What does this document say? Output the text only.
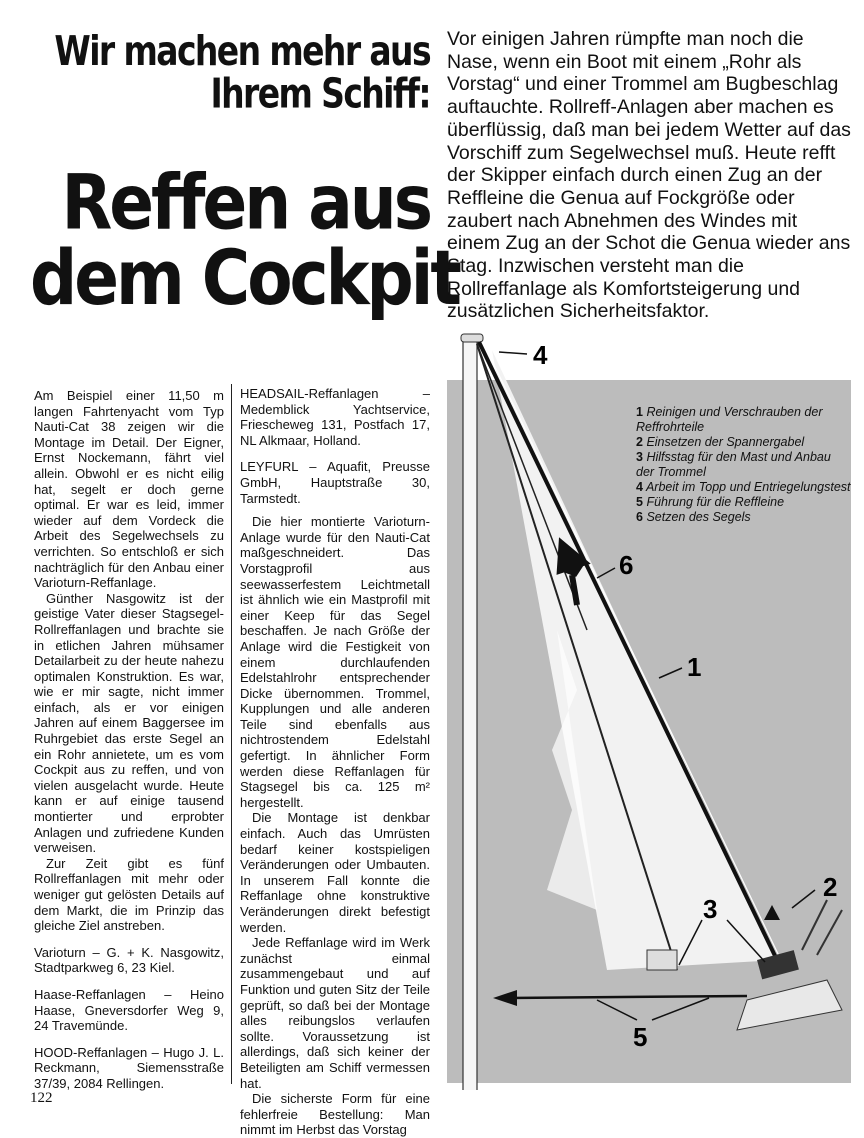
Wir machen mehr aus
Ihrem Schiff:
Reffen aus
dem Cockpit
Vor einigen Jahren rümpfte man noch die Nase, wenn ein Boot mit einem „Rohr als Vorstag“ und einer Trommel am Bugbeschlag auftauchte. Rollreff-Anlagen aber machen es überflüssig, daß man bei jedem Wetter auf das Vorschiff zum Segelwechsel muß. Heute refft der Skipper einfach durch einen Zug an der Reffleine die Genua auf Fockgröße oder zaubert nach Abnehmen des Windes mit einem Zug an der Schot die Genua wieder ans Stag. Inzwischen versteht man die Rollreffanlage als Komfortsteigerung und zusätzlichen Sicherheitsfaktor.

Am Beispiel einer 11,50 m langen Fahrtenyacht vom Typ Nauti-Cat 38 zeigen wir die Montage im Detail. Der Eigner, Ernst Nockemann, fährt viel allein. Obwohl er es nicht eilig hat, segelt er doch gerne optimal. Er war es leid, immer wieder auf dem Vordeck die Arbeit des Segelwechsels zu verrichten. So entschloß er sich nachträglich für den Anbau einer Varioturn-Reffanlage.

Günther Nasgowitz ist der geistige Vater dieser Stagsegel-Rollreffanlagen und brachte sie in etlichen Jahren mühsamer Detailarbeit zu der heute nahezu optimalen Konstruktion. Es war, wie er mir sagte, nicht immer einfach, als er vor einigen Jahren auf einem Baggersee im Ruhrgebiet das erste Segel an ein Rohr annietete, um es vom Cockpit aus zu reffen, und von vielen ausgelacht wurde. Heute kann er auf einige tausend montierter und erprobter Anlagen und zufriedene Kunden verweisen.

Zur Zeit gibt es fünf Rollreffanlagen mit mehr oder weniger gut gelösten Details auf dem Markt, die im Prinzip das gleiche Ziel anstreben.

Varioturn – G. + K. Nasgowitz, Stadtparkweg 6, 23 Kiel.

Haase-Reffanlagen – Heino Haase, Gneversdorfer Weg 9, 24 Travemünde.

HOOD-Reffanlagen – Hugo J. L. Reckmann, Siemensstraße 37/39, 2084 Rellingen.

HEADSAIL-Reffanlagen – Medemblick Yachtservice, Friescheweg 131, Postfach 17, NL Alkmaar, Holland.

LEYFURL – Aquafit, Preusse GmbH, Hauptstraße 30, Tarmstedt.

Die hier montierte Varioturn-Anlage wurde für den Nauti-Cat maßgeschneidert. Das Vorstagprofil aus seewasserfestem Leichtmetall ist ähnlich wie ein Mastprofil mit einer Keep für das Segel beschaffen. Je nach Größe der Anlage wird die Festigkeit von einem durchlaufenden Edelstahlrohr entsprechender Dicke übernommen. Trommel, Kupplungen und alle anderen Teile sind ebenfalls aus nichtrostendem Edelstahl gefertigt. In ähnlicher Form werden diese Reffanlagen für Stagsegel bis ca. 125 m² hergestellt.

Die Montage ist denkbar einfach. Auch das Umrüsten bedarf keiner kostspieligen Veränderungen oder Umbauten. In unserem Fall konnte die Reffanlage ohne konstruktive Veränderungen direkt befestigt werden.

Jede Reffanlage wird im Werk zunächst einmal zusammengebaut und auf Funktion und guten Sitz der Teile geprüft, so daß bei der Montage alles reibungslos verlaufen sollte. Voraussetzung ist allerdings, daß sich keiner der Beteiligten am Schiff vermessen hat.

Die sicherste Form für eine fehlerfreie Bestellung: Man nimmt im Herbst das Vorstag

4
1
6
2
3
5
1 Reinigen und Verschrauben der Reffrohrteile
2 Einsetzen der Spannergabel
3 Hilfsstag für den Mast und Anbau der Trommel
4 Arbeit im Topp und Entriegelungstest
5 Führung für die Reffleine
6 Setzen des Segels
122
